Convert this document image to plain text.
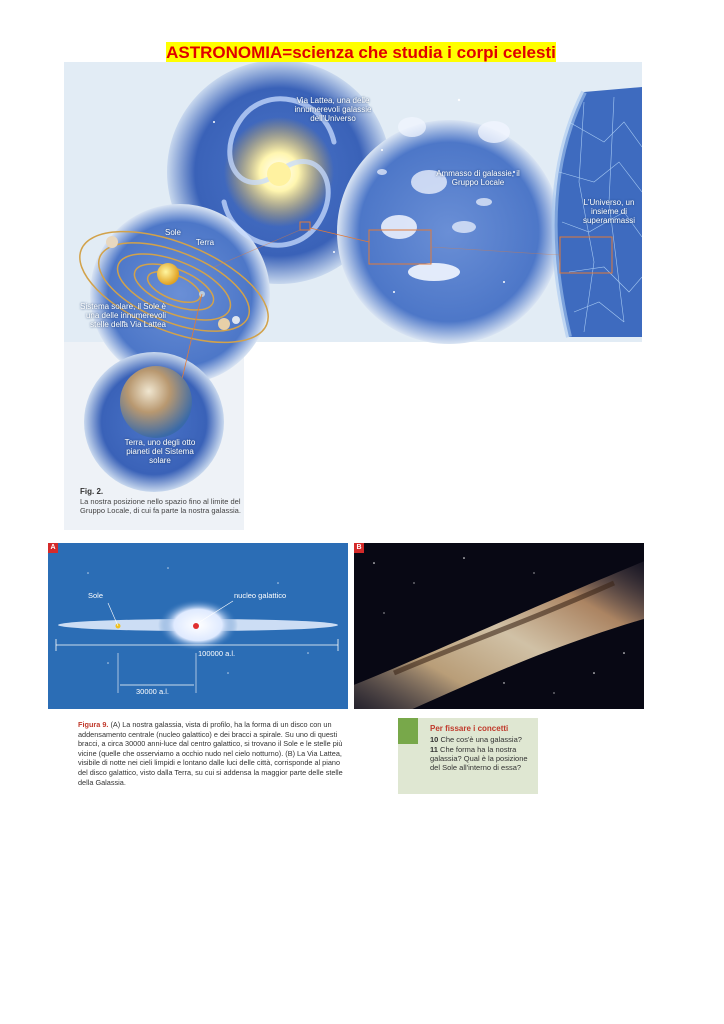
ASTRONOMIA=scienza che studia i corpi celesti
Via Lattea, una delle innumerevoli galassie dell'Universo
Ammasso di galassie, il Gruppo Locale
L'Universo, un insieme di superammassi
Sole
Terra
Sistema solare, il Sole è una delle innumerevoli stelle della Via Lattea
Terra, uno degli otto pianeti del Sistema solare
Fig. 2.
La nostra posizione nello spazio fino al limite del Gruppo Locale, di cui fa parte la nostra galassia.
A
Sole	nucleo galattico
100000 a.l.
30000 a.l.
B
Figura 9. (A) La nostra galassia, vista di profilo, ha la forma di un disco con un addensamento centrale (nucleo galattico) e dei bracci a spirale. Su uno di questi bracci, a circa 30000 anni-luce dal centro galattico, si trovano il Sole e le stelle più vicine (quelle che osserviamo a occhio nudo nel cielo notturno). (B) La Via Lattea, visibile di notte nei cieli limpidi e lontano dalle luci delle città, corrisponde al piano del disco galattico, visto dalla Terra, su cui si addensa la maggior parte delle stelle della Galassia.
Per fissare i concetti
10 Che cos'è una galassia?
11 Che forma ha la nostra galassia? Qual è la posizione del Sole all'interno di essa?
